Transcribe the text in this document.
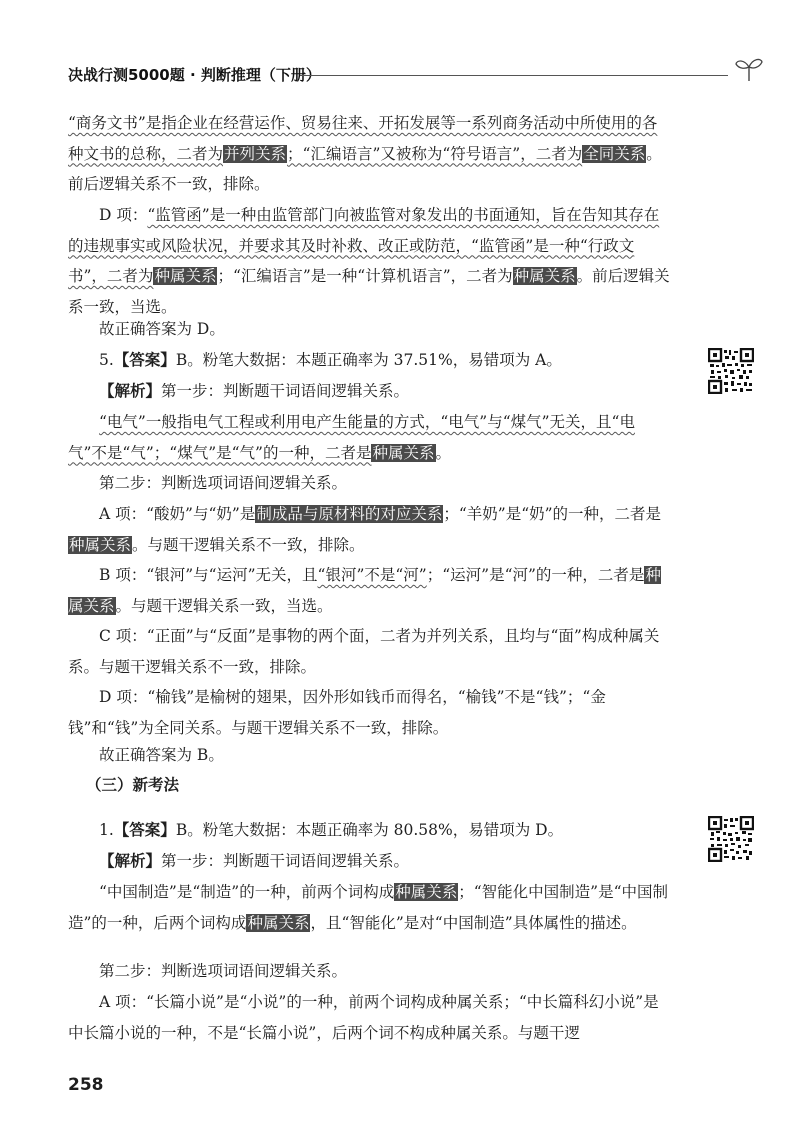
决战行测5000题 · 判断推理（下册）

“商务文书”是指企业在经营运作、贸易往来、开拓发展等一系列商务活动中所使用的各种文书的总称，二者为并列关系；“汇编语言”又被称为“符号语言”，二者为全同关系。前后逻辑关系不一致，排除。

D 项：“监管函”是一种由监管部门向被监管对象发出的书面通知，旨在告知其存在的违规事实或风险状况，并要求其及时补救、改正或防范，“监管函”是一种“行政文书”，二者为种属关系；“汇编语言”是一种“计算机语言”，二者为种属关系。前后逻辑关系一致，当选。

故正确答案为 D。

5.【答案】B。粉笔大数据：本题正确率为 37.51%，易错项为 A。

【解析】第一步：判断题干词语间逻辑关系。

“电气”一般指电气工程或利用电产生能量的方式，“电气”与“煤气”无关，且“电气”不是“气”；“煤气”是“气”的一种，二者是种属关系。

第二步：判断选项词语间逻辑关系。

A 项：“酸奶”与“奶”是制成品与原材料的对应关系；“羊奶”是“奶”的一种，二者是种属关系。与题干逻辑关系不一致，排除。

B 项：“银河”与“运河”无关，且“银河”不是“河”；“运河”是“河”的一种，二者是种属关系。与题干逻辑关系一致，当选。

C 项：“正面”与“反面”是事物的两个面，二者为并列关系，且均与“面”构成种属关系。与题干逻辑关系不一致，排除。

D 项：“榆钱”是榆树的翅果，因外形如钱币而得名，“榆钱”不是“钱”；“金钱”和“钱”为全同关系。与题干逻辑关系不一致，排除。

故正确答案为 B。

（三）新考法

1.【答案】B。粉笔大数据：本题正确率为 80.58%，易错项为 D。

【解析】第一步：判断题干词语间逻辑关系。

“中国制造”是“制造”的一种，前两个词构成种属关系；“智能化中国制造”是“中国制造”的一种，后两个词构成种属关系，且“智能化”是对“中国制造”具体属性的描述。

第二步：判断选项词语间逻辑关系。

A 项：“长篇小说”是“小说”的一种，前两个词构成种属关系；“中长篇科幻小说”是中长篇小说的一种，不是“长篇小说”，后两个词不构成种属关系。与题干逻

258
